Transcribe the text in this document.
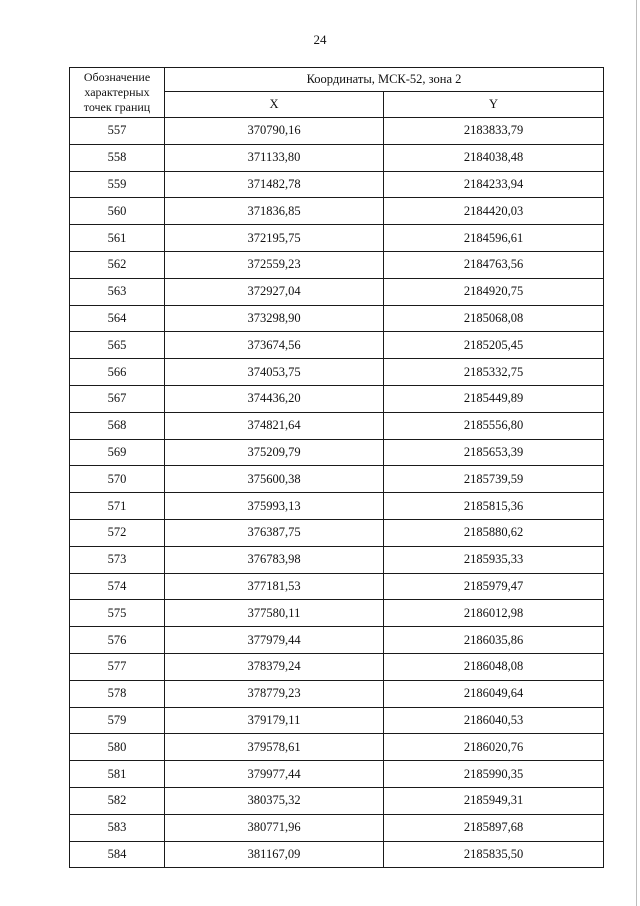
24
Обозначение характерных точек границ	Координаты, МСК-52, зона 2	
	X	Y
557	370790,16	2183833,79
558	371133,80	2184038,48
559	371482,78	2184233,94
560	371836,85	2184420,03
561	372195,75	2184596,61
562	372559,23	2184763,56
563	372927,04	2184920,75
564	373298,90	2185068,08
565	373674,56	2185205,45
566	374053,75	2185332,75
567	374436,20	2185449,89
568	374821,64	2185556,80
569	375209,79	2185653,39
570	375600,38	2185739,59
571	375993,13	2185815,36
572	376387,75	2185880,62
573	376783,98	2185935,33
574	377181,53	2185979,47
575	377580,11	2186012,98
576	377979,44	2186035,86
577	378379,24	2186048,08
578	378779,23	2186049,64
579	379179,11	2186040,53
580	379578,61	2186020,76
581	379977,44	2185990,35
582	380375,32	2185949,31
583	380771,96	2185897,68
584	381167,09	2185835,50
